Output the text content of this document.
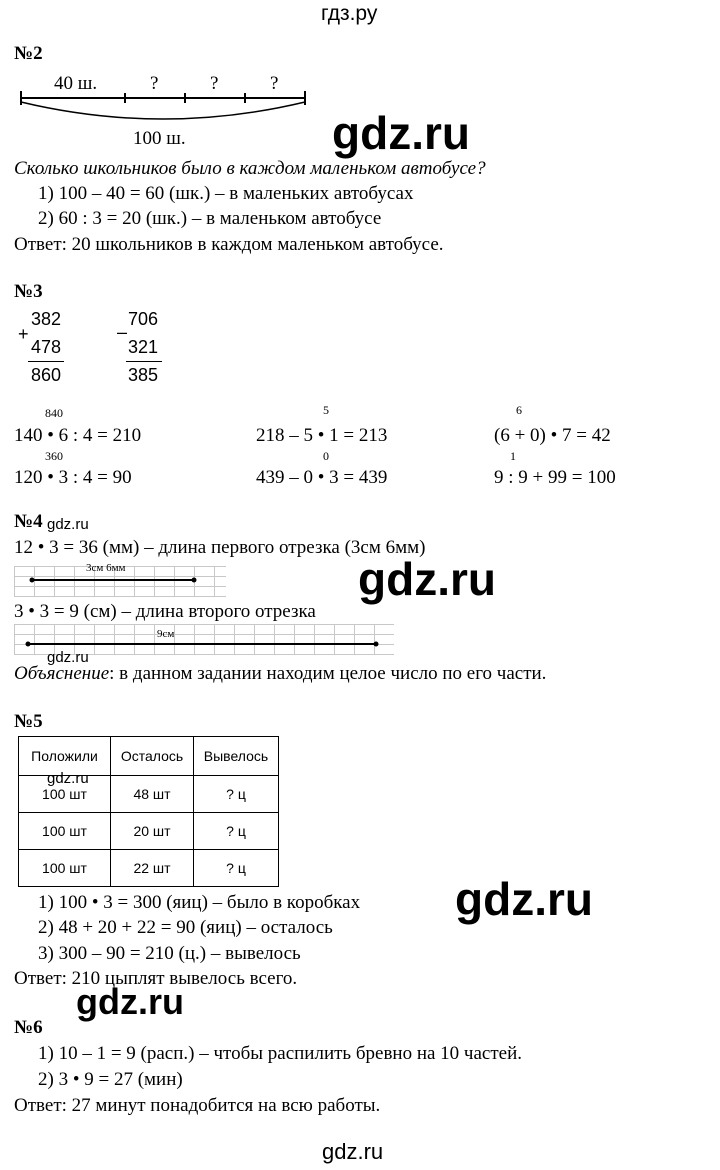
гдз.ру
№2
40 ш.	?	?	?
100 ш.	gdz.ru
Сколько школьников было в каждом маленьком автобусе?
1) 100 – 40 = 60 (шк.) – в маленьких автобусах
2) 60 : 3 = 20 (шк.) – в маленьком автобусе
Ответ: 20 школьников в каждом маленьком автобусе.
№3
+
382
478
860
–
706
321
385
840
140 • 6 : 4 = 210
5
218 – 5 • 1 = 213
6
(6 + 0) • 7 = 42
360
120 • 3 : 4 = 90
0
439 – 0 • 3 = 439
1
9 : 9 + 99 = 100
№4 gdz.ru
12 • 3 = 36 (мм) – длина первого отрезка (3см 6мм)
3см 6мм	gdz.ru
3 • 3 = 9 (см) – длина второго отрезка
9см
gdz.ru
Объяснение: в данном задании находим целое число по его части.
№5
Положили	Осталось	Вывелось
100 шт	48 шт	? ц
100 шт	20 шт	? ц
100 шт	22 шт	? ц
gdz.ru
1) 100 • 3 = 300 (яиц) – было в коробках
2) 48 + 20 + 22 = 90 (яиц) – осталось
3) 300 – 90 = 210 (ц.) – вывелось
Ответ: 210 цыплят вывелось всего.
gdz.ru
gdz.ru
№6
1) 10 – 1 = 9 (расп.) – чтобы распилить бревно на 10 частей.
2) 3 • 9 = 27 (мин)
Ответ: 27 минут понадобится на всю работы.
gdz.ru
